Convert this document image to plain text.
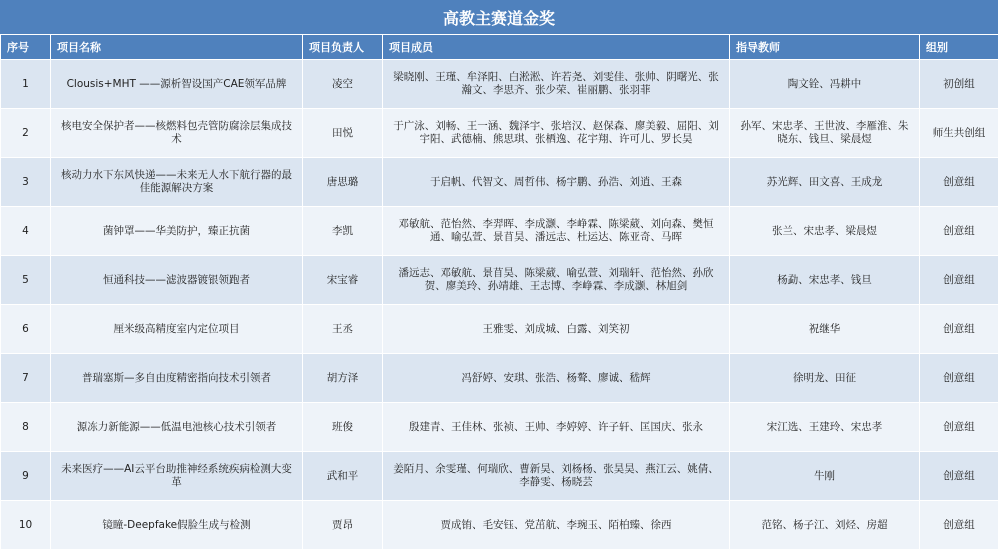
高教主赛道金奖
序号	项目名称	项目负责人	项目成员	指导教师	组别
1	Clousis+MHT ——源析智设国产CAE领军品牌	凌空	梁晓刚、王瑾、牟泽阳、白淞淞、许若尧、刘雯佳、张帅、阴曙光、张瀚文、李思齐、张少荣、崔丽鹏、张羽菲	陶文铨、冯耕中	初创组
2	核电安全保护者——核燃料包壳管防腐涂层集成技术	田悦	于广泳、刘畅、王一涵、魏泽宇、张培汉、赵保森、廖美毅、屈阳、刘宇阳、武德楠、熊思琪、张栖逸、花宇翔、许可儿、罗长昊	孙军、宋忠孝、王世波、李雁淮、朱晓东、钱旦、梁晨煜	师生共创组
3	核动力水下东风快递——未来无人水下航行器的最佳能源解决方案	唐思璐	于启帆、代智文、周哲伟、杨宇鹏、孙浩、刘逍、王森	苏光辉、田文喜、王成龙	创意组
4	菌钟罩——华美防护，臻正抗菌	李凯	邓敏航、范怡然、李羿晖、李成灏、李峥霖、陈梁葳、刘向森、樊恒通、喻弘萱、景苜昊、潘远志、杜运达、陈亚奇、马晖	张兰、宋忠孝、梁晨煜	创意组
5	恒通科技——滤波器镀银领跑者	宋宝睿	潘远志、邓敏航、景苜昊、陈梁葳、喻弘萱、刘瑞轩、范怡然、孙欣贺、廖美玲、孙靖雄、王志博、李峥霖、李成灏、林旭剑	杨勐、宋忠孝、钱旦	创意组
6	厘米级高精度室内定位项目	王丞	王雅雯、刘成城、白露、刘笑初	祝继华	创意组
7	普瑞塞斯—多自由度精密指向技术引领者	胡方泽	冯舒婷、安琪、张浩、杨聱、廖诚、嵇辉	徐明龙、田征	创意组
8	源冻力新能源——低温电池核心技术引领者	班俊	殷建青、王佳林、张祯、王帅、李婷婷、许子轩、匡国庆、张永	宋江选、王建玲、宋忠孝	创意组
9	未来医疗——AI云平台助推神经系统疾病检测大变革	武和平	姜陌月、余雯瑾、何瑞欣、曹新昊、刘杨杨、张昊昊、燕江云、姚倩、李静雯、杨晓芸	牛刚	创意组
10	镜瞳-Deepfake假脸生成与检测	贾昂	贾成铕、毛安钰、党茁航、李琬玉、陌柏臻、徐西	范铭、杨子江、刘烃、房超	创意组
